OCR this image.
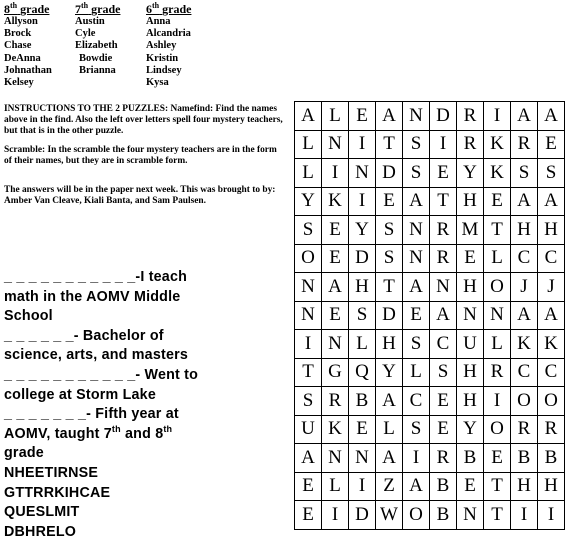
8th grade
Allyson
Brock
Chase
DeAnna
Johnathan
Kelsey
7th grade
Austin
Cyle
Elizabeth
Bowdie
Brianna
6th grade
Anna
Alcandria
Ashley
Kristin
Lindsey
Kysa

INSTRUCTIONS TO THE 2 PUZZLES: Namefind: Find the names above in the find. Also the left over letters spell four mystery teachers, but that is in the other puzzle.

Scramble: In the scramble the four mystery teachers are in the form of their names, but they are in scramble form.

The answers will be in the paper next week. This was brought to by: Amber Van Cleave, Kiali Banta, and Sam Paulsen.

_ _ _ _ _ _ _ _ _ _ _-I teach
math in the AOMV Middle
School
_ _ _ _ _ _- Bachelor of
science, arts, and masters
_ _ _ _ _ _ _ _ _ _ _- Went to
college at Storm Lake
_ _ _ _ _ _ _- Fifth year at
AOMV, taught 7th and 8th
grade
NHEETIRNSE
GTTRRKIHCAE
QUESLMIT
DBHRELO
A	L	E	A	N	D	R	I	A	A
L	N	I	T	S	I	R	K	R	E
L	I	N	D	S	E	Y	K	S	S
Y	K	I	E	A	T	H	E	A	A
S	E	Y	S	N	R	M	T	H	H
O	E	D	S	N	R	E	L	C	C
N	A	H	T	A	N	H	O	J	J
N	E	S	D	E	A	N	N	A	A
I	N	L	H	S	C	U	L	K	K
T	G	Q	Y	L	S	H	R	C	C
S	R	B	A	C	E	H	I	O	O
U	K	E	L	S	E	Y	O	R	R
A	N	N	A	I	R	B	E	B	B
E	L	I	Z	A	B	E	T	H	H
E	I	D	W	O	B	N	T	I	I
